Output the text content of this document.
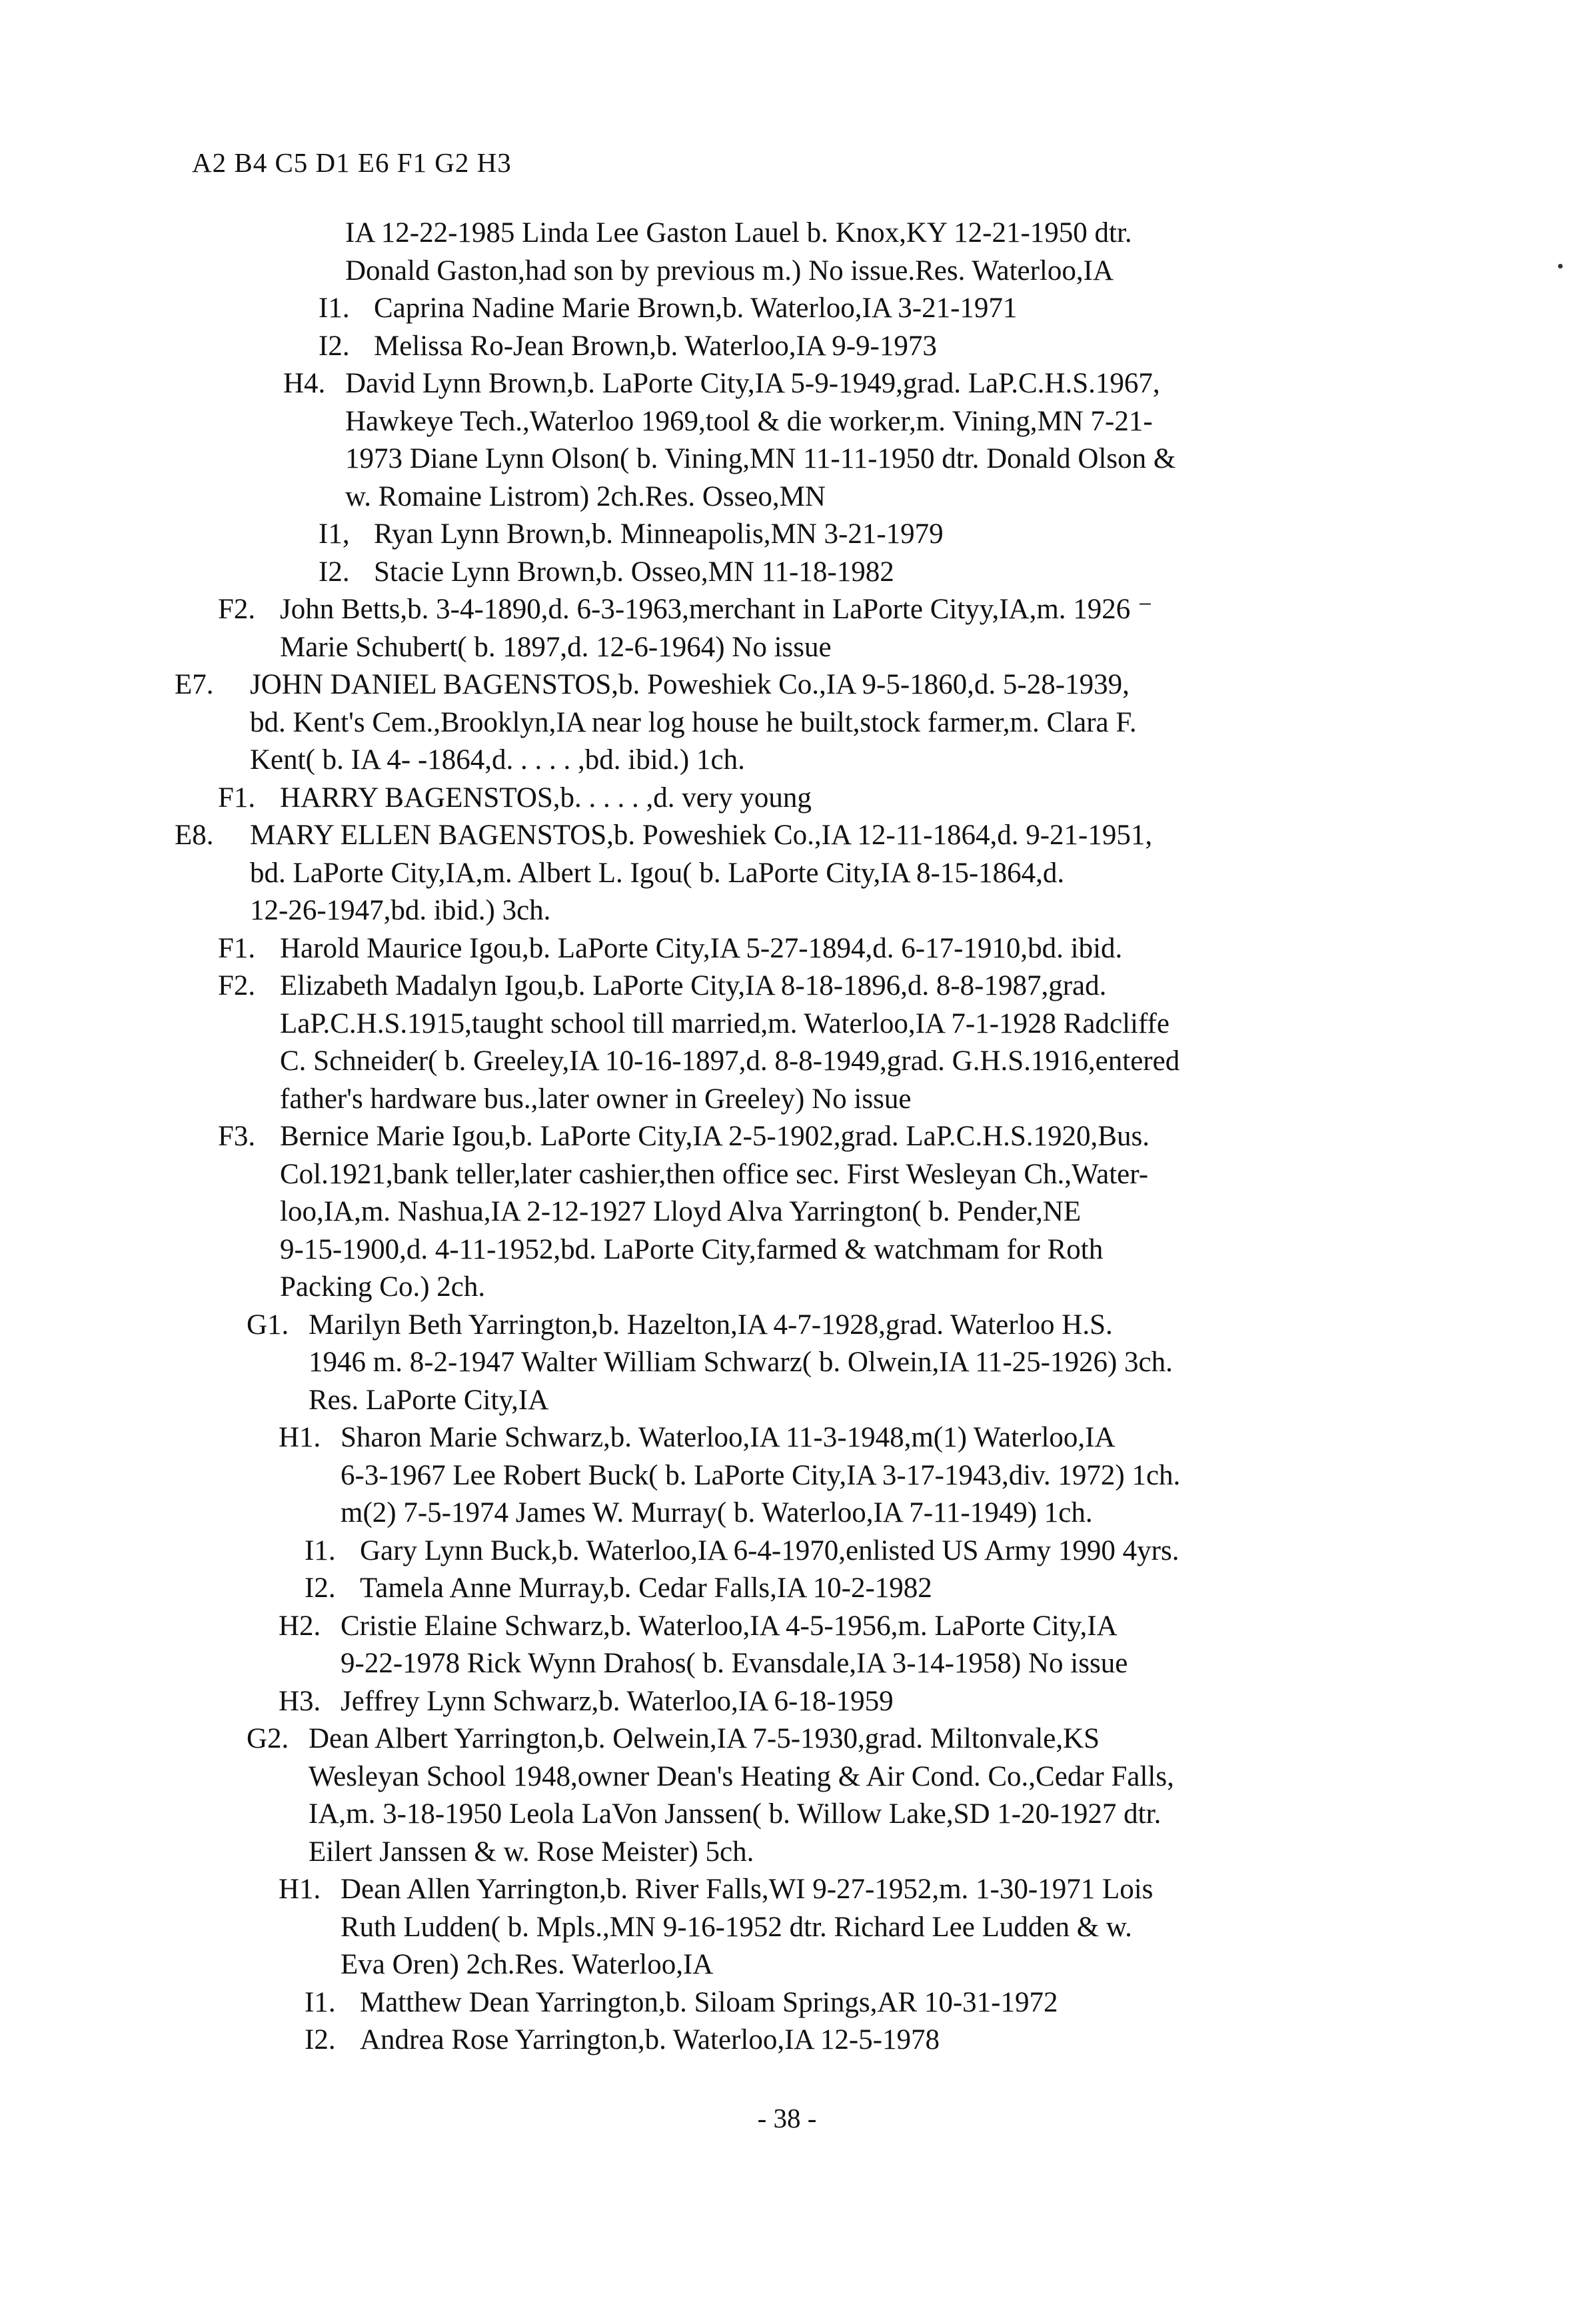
A2 B4 C5 D1 E6 F1 G2 H3
IA 12-22-1985 Linda Lee Gaston Lauel b. Knox,KY 12-21-1950 dtr.
Donald Gaston,had son by previous m.) No issue.Res. Waterloo,IA
I1. Caprina Nadine Marie Brown,b. Waterloo,IA 3-21-1971
I2. Melissa Ro-Jean Brown,b. Waterloo,IA 9-9-1973
H4. David Lynn Brown,b. LaPorte City,IA 5-9-1949,grad. LaP.C.H.S.1967,
Hawkeye Tech.,Waterloo 1969,tool & die worker,m. Vining,MN 7-21-
1973 Diane Lynn Olson( b. Vining,MN 11-11-1950 dtr. Donald Olson &
w. Romaine Listrom) 2ch.Res. Osseo,MN
I1, Ryan Lynn Brown,b. Minneapolis,MN 3-21-1979
I2. Stacie Lynn Brown,b. Osseo,MN 11-18-1982
F2. John Betts,b. 3-4-1890,d. 6-3-1963,merchant in LaPorte Cityy,IA,m. 1926 ⁻
Marie Schubert( b. 1897,d. 12-6-1964) No issue
E7. JOHN DANIEL BAGENSTOS,b. Poweshiek Co.,IA 9-5-1860,d. 5-28-1939,
bd. Kent's Cem.,Brooklyn,IA near log house he built,stock farmer,m. Clara F.
Kent( b. IA 4- -1864,d. . . . . ,bd. ibid.) 1ch.
F1. HARRY BAGENSTOS,b. . . . . ,d. very young
E8. MARY ELLEN BAGENSTOS,b. Poweshiek Co.,IA 12-11-1864,d. 9-21-1951,
bd. LaPorte City,IA,m. Albert L. Igou( b. LaPorte City,IA 8-15-1864,d.
12-26-1947,bd. ibid.) 3ch.
F1. Harold Maurice Igou,b. LaPorte City,IA 5-27-1894,d. 6-17-1910,bd. ibid.
F2. Elizabeth Madalyn Igou,b. LaPorte City,IA 8-18-1896,d. 8-8-1987,grad.
LaP.C.H.S.1915,taught school till married,m. Waterloo,IA 7-1-1928 Radcliffe
C. Schneider( b. Greeley,IA 10-16-1897,d. 8-8-1949,grad. G.H.S.1916,entered
father's hardware bus.,later owner in Greeley) No issue
F3. Bernice Marie Igou,b. LaPorte City,IA 2-5-1902,grad. LaP.C.H.S.1920,Bus.
Col.1921,bank teller,later cashier,then office sec. First Wesleyan Ch.,Water-
loo,IA,m. Nashua,IA 2-12-1927 Lloyd Alva Yarrington( b. Pender,NE
9-15-1900,d. 4-11-1952,bd. LaPorte City,farmed & watchmam for Roth
Packing Co.) 2ch.
G1. Marilyn Beth Yarrington,b. Hazelton,IA 4-7-1928,grad. Waterloo H.S.
1946 m. 8-2-1947 Walter William Schwarz( b. Olwein,IA 11-25-1926) 3ch.
Res. LaPorte City,IA
H1. Sharon Marie Schwarz,b. Waterloo,IA 11-3-1948,m(1) Waterloo,IA
6-3-1967 Lee Robert Buck( b. LaPorte City,IA 3-17-1943,div. 1972) 1ch.
m(2) 7-5-1974 James W. Murray( b. Waterloo,IA 7-11-1949) 1ch.
I1. Gary Lynn Buck,b. Waterloo,IA 6-4-1970,enlisted US Army 1990 4yrs.
I2. Tamela Anne Murray,b. Cedar Falls,IA 10-2-1982
H2. Cristie Elaine Schwarz,b. Waterloo,IA 4-5-1956,m. LaPorte City,IA
9-22-1978 Rick Wynn Drahos( b. Evansdale,IA 3-14-1958) No issue
H3. Jeffrey Lynn Schwarz,b. Waterloo,IA 6-18-1959
G2. Dean Albert Yarrington,b. Oelwein,IA 7-5-1930,grad. Miltonvale,KS
Wesleyan School 1948,owner Dean's Heating & Air Cond. Co.,Cedar Falls,
IA,m. 3-18-1950 Leola LaVon Janssen( b. Willow Lake,SD 1-20-1927 dtr.
Eilert Janssen & w. Rose Meister) 5ch.
H1. Dean Allen Yarrington,b. River Falls,WI 9-27-1952,m. 1-30-1971 Lois
Ruth Ludden( b. Mpls.,MN 9-16-1952 dtr. Richard Lee Ludden & w.
Eva Oren) 2ch.Res. Waterloo,IA
I1. Matthew Dean Yarrington,b. Siloam Springs,AR 10-31-1972
I2. Andrea Rose Yarrington,b. Waterloo,IA 12-5-1978
- 38 -
